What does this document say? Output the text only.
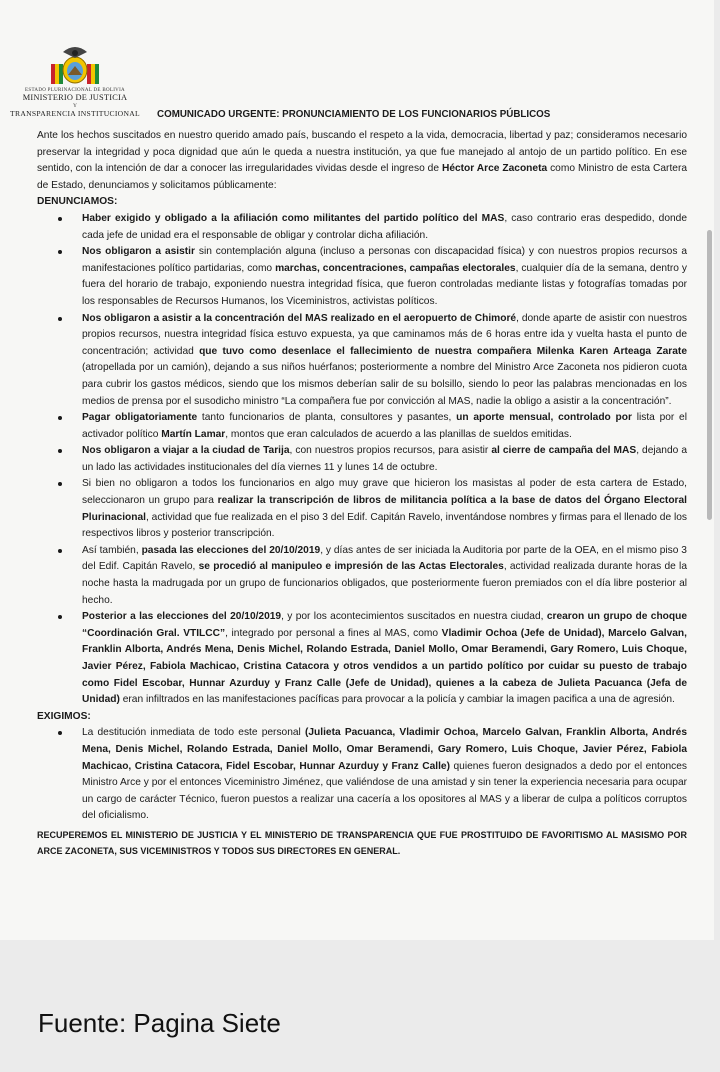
ESTADO PLURINACIONAL DE BOLIVIA
MINISTERIO DE JUSTICIA
Y
TRANSPARENCIA INSTITUCIONAL	COMUNICADO URGENTE: PRONUNCIAMIENTO DE LOS FUNCIONARIOS PÚBLICOS

Ante los hechos suscitados en nuestro querido amado país, buscando el respeto a la vida, democracia, libertad y paz; consideramos necesario preservar la integridad y poca dignidad que aún le queda a nuestra institución, ya que fue manejado al antojo de un partido político. En ese sentido, con la intención de dar a conocer las irregularidades vividas desde el ingreso de Héctor Arce Zaconeta como Ministro de esta Cartera de Estado, denunciamos y solicitamos públicamente:

DENUNCIAMOS:
Haber exigido y obligado a la afiliación como militantes del partido político del MAS, caso contrario eras despedido, donde cada jefe de unidad era el responsable de obligar y controlar dicha afiliación.
Nos obligaron a asistir sin contemplación alguna (incluso a personas con discapacidad física) y con nuestros propios recursos a manifestaciones político partidarias, como marchas, concentraciones, campañas electorales, cualquier día de la semana, dentro y fuera del horario de trabajo, exponiendo nuestra integridad física, que fueron controladas mediante listas y fotografías tomadas por los responsables de Recursos Humanos, los Viceministros, activistas políticos.
Nos obligaron a asistir a la concentración del MAS realizado en el aeropuerto de Chimoré, donde aparte de asistir con nuestros propios recursos, nuestra integridad física estuvo expuesta, ya que caminamos más de 6 horas entre ida y vuelta hasta el punto de concentración; actividad que tuvo como desenlace el fallecimiento de nuestra compañera Milenka Karen Arteaga Zarate (atropellada por un camión), dejando a sus niños huérfanos; posteriormente a nombre del Ministro Arce Zaconeta nos pidieron cuota para cubrir los gastos médicos, siendo que los mismos deberían salir de su bolsillo, siendo lo peor las palabras mencionadas en los medios de prensa por el susodicho ministro “La compañera fue por convicción al MAS, nadie la obligo a asistir a la concentración”.
Pagar obligatoriamente tanto funcionarios de planta, consultores y pasantes, un aporte mensual, controlado por lista por el activador político Martín Lamar, montos que eran calculados de acuerdo a las planillas de sueldos emitidas.
Nos obligaron a viajar a la ciudad de Tarija, con nuestros propios recursos, para asistir al cierre de campaña del MAS, dejando a un lado las actividades institucionales del día viernes 11 y lunes 14 de octubre.
Si bien no obligaron a todos los funcionarios en algo muy grave que hicieron los masistas al poder de esta cartera de Estado, seleccionaron un grupo para realizar la transcripción de libros de militancia política a la base de datos del Órgano Electoral Plurinacional, actividad que fue realizada en el piso 3 del Edif. Capitán Ravelo, inventándose nombres y firmas para el llenado de los respectivos libros y posterior transcripción.
Así también, pasada las elecciones del 20/10/2019, y días antes de ser iniciada la Auditoria por parte de la OEA, en el mismo piso 3 del Edif. Capitán Ravelo, se procedió al manipuleo e impresión de las Actas Electorales, actividad realizada durante horas de la noche hasta la madrugada por un grupo de funcionarios obligados, que posteriormente fueron premiados con el día libre posterior al hecho.
Posterior a las elecciones del 20/10/2019, y por los acontecimientos suscitados en nuestra ciudad, crearon un grupo de choque “Coordinación Gral. VTILCC”, integrado por personal a fines al MAS, como Vladimir Ochoa (Jefe de Unidad), Marcelo Galvan, Franklin Alborta, Andrés Mena, Denis Michel, Rolando Estrada, Daniel Mollo, Omar Beramendi, Gary Romero, Luis Choque, Javier Pérez, Fabiola Machicao, Cristina Catacora y otros vendidos a un partido político por cuidar su puesto de trabajo como Fidel Escobar, Hunnar Azurduy y Franz Calle (Jefe de Unidad), quienes a la cabeza de Julieta Pacuanca (Jefa de Unidad) eran infiltrados en las manifestaciones pacíficas para provocar a la policía y cambiar la imagen pacifica a una de agresión.
EXIGIMOS:
La destitución inmediata de todo este personal (Julieta Pacuanca, Vladimir Ochoa, Marcelo Galvan, Franklin Alborta, Andrés Mena, Denis Michel, Rolando Estrada, Daniel Mollo, Omar Beramendi, Gary Romero, Luis Choque, Javier Pérez, Fabiola Machicao, Cristina Catacora, Fidel Escobar, Hunnar Azurduy y Franz Calle) quienes fueron designados a dedo por el entonces Ministro Arce y por el entonces Viceministro Jiménez, que valiéndose de una amistad y sin tener la experiencia necesaria para ocupar un cargo de carácter Técnico, fueron puestos a realizar una cacería a los opositores al MAS y a liberar de culpa a políticos corruptos del oficialismo.
RECUPEREMOS EL MINISTERIO DE JUSTICIA Y EL MINISTERIO DE TRANSPARENCIA QUE FUE PROSTITUIDO DE FAVORITISMO AL MASISMO POR ARCE ZACONETA, SUS VICEMINISTROS Y TODOS SUS DIRECTORES EN GENERAL.
Fuente: Pagina Siete
